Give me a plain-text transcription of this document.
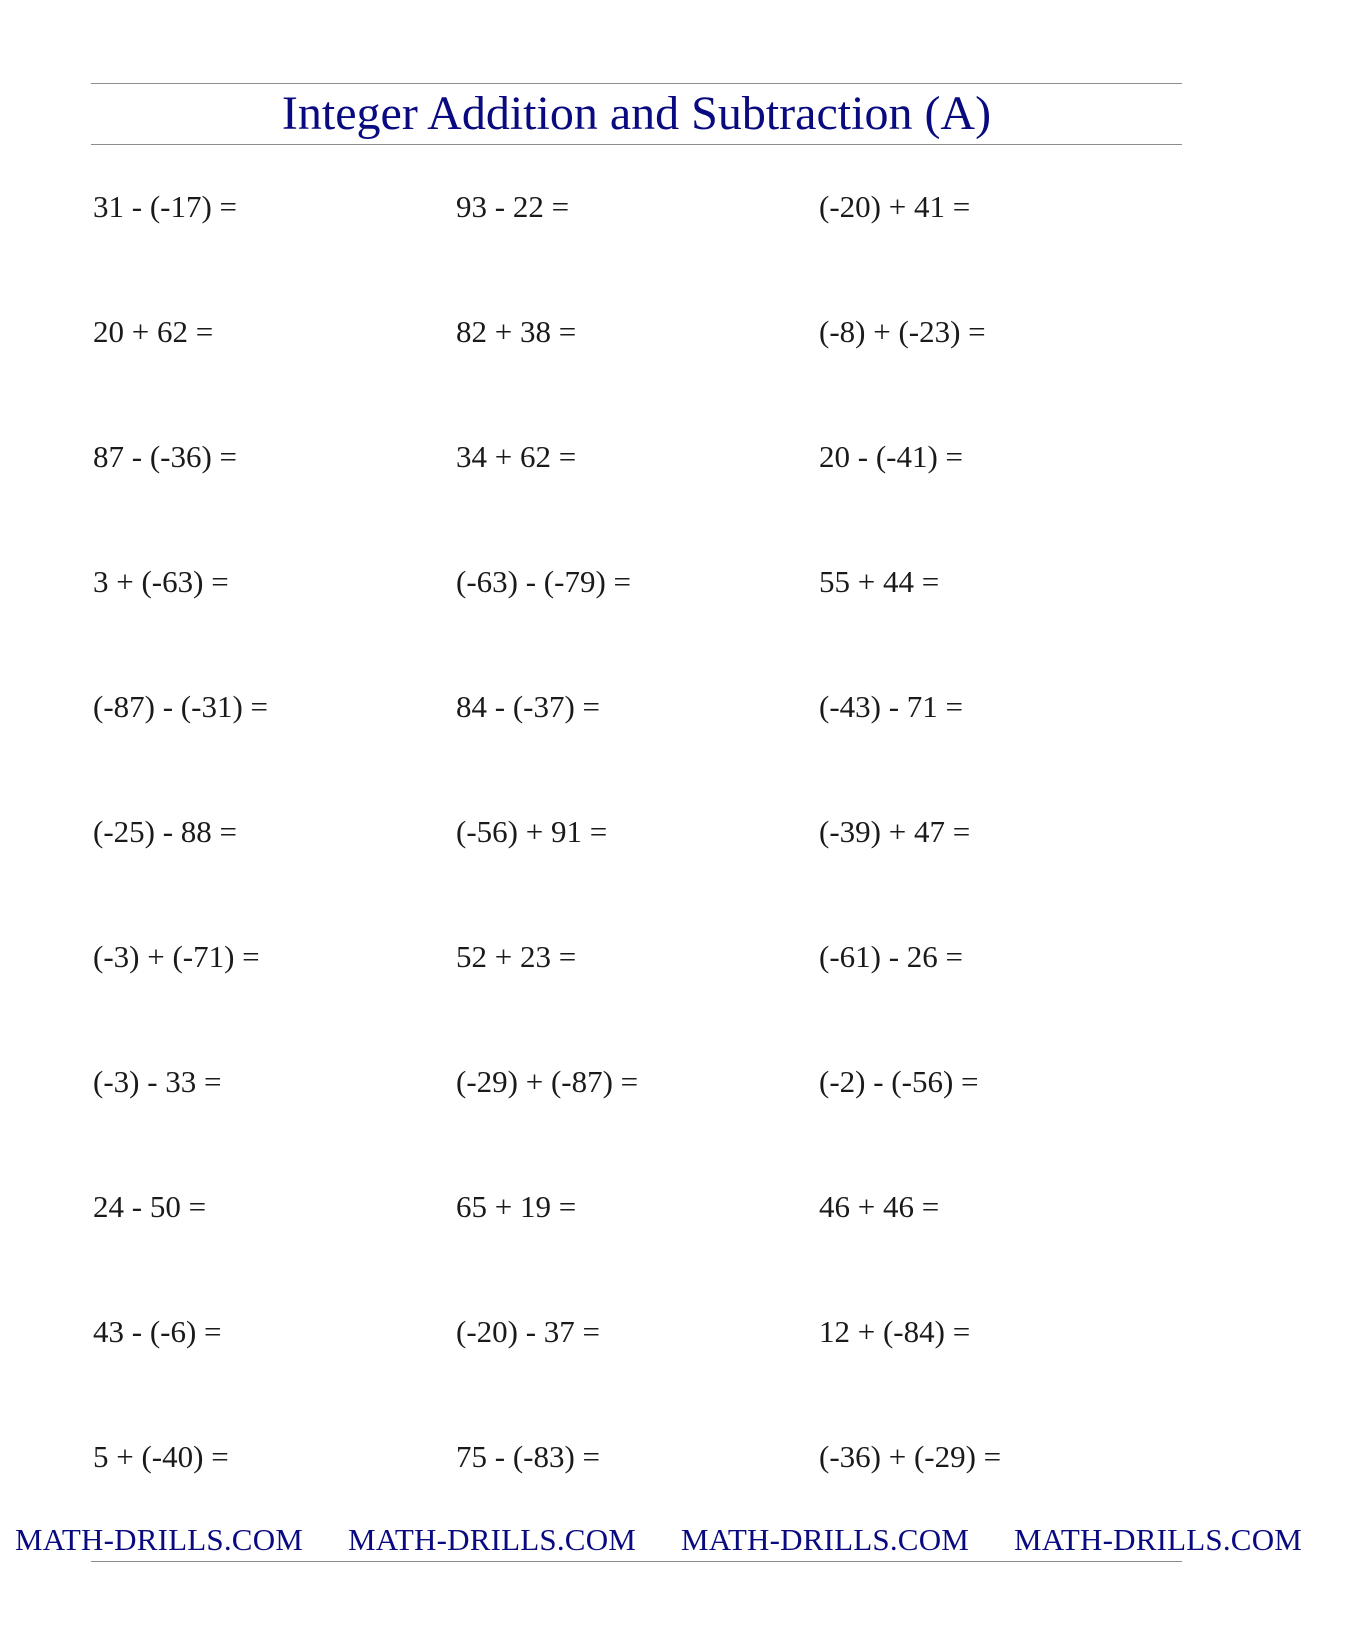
Integer Addition and Subtraction (A)
31 - (-17) =	93 - 22 =	(-20) + 41 =
20 + 62 =	82 + 38 =	(-8) + (-23) =
87 - (-36) =	34 + 62 =	20 - (-41) =
3 + (-63) =	(-63) - (-79) =	55 + 44 =
(-87) - (-31) =	84 - (-37) =	(-43) - 71 =
(-25) - 88 =	(-56) + 91 =	(-39) + 47 =
(-3) + (-71) =	52 + 23 =	(-61) - 26 =
(-3) - 33 =	(-29) + (-87) =	(-2) - (-56) =
24 - 50 =	65 + 19 =	46 + 46 =
43 - (-6) =	(-20) - 37 =	12 + (-84) =
5 + (-40) =	75 - (-83) =	(-36) + (-29) =
MATH-DRILLS.COM	MATH-DRILLS.COM	MATH-DRILLS.COM	MATH-DRILLS.COM
